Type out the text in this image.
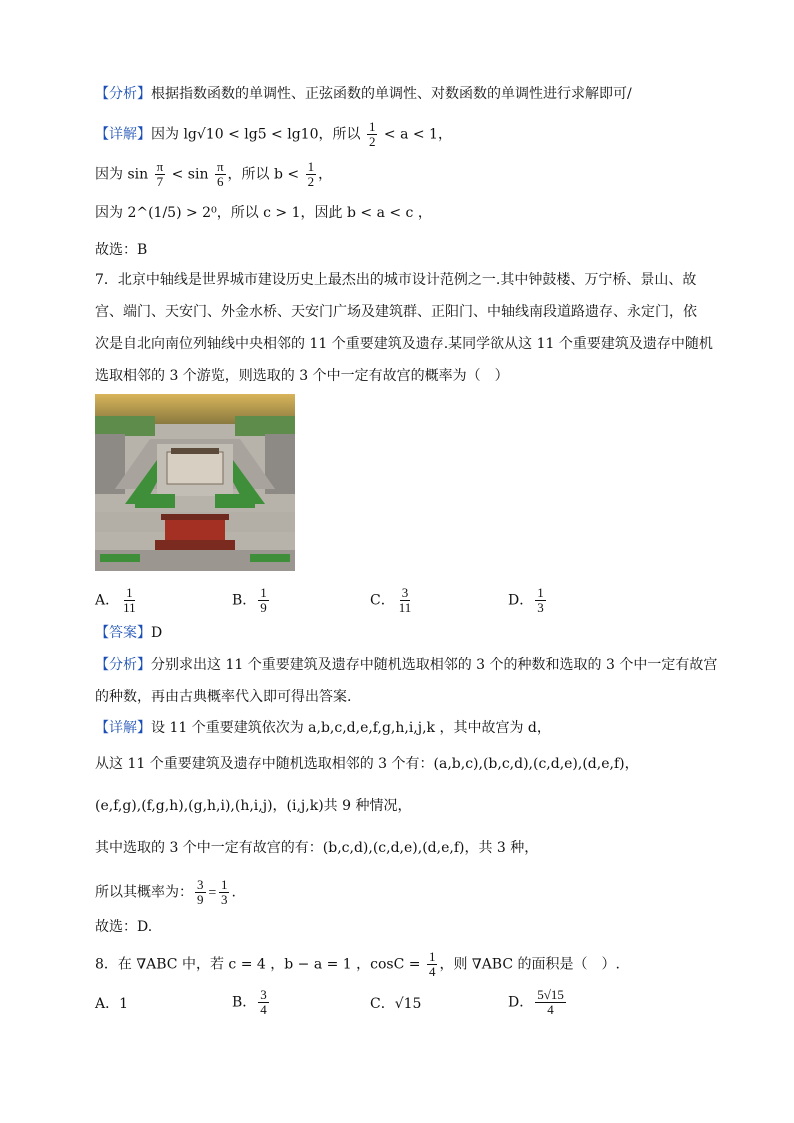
【分析】根据指数函数的单调性、正弦函数的单调性、对数函数的单调性进行求解即可/
【详解】因为 lg√10 < lg5 < lg10，所以 $\frac{1}{2} < a < 1$，
因为 $\sin \frac{\pi}{7} < \sin \frac{\pi}{6}$ ，所以 $b < \frac{1}{2}$ ，
因为 2^(1/5) > 2⁰，所以 c > 1，因此 b < a < c ，
故选：B
7．北京中轴线是世界城市建设历史上最杰出的城市设计范例之一.其中钟鼓楼、万宁桥、景山、故
宫、端门、天安门、外金水桥、天安门广场及建筑群、正阳门、中轴线南段道路遗存、永定门，依
次是自北向南位列轴线中央相邻的 11 个重要建筑及遗存.某同学欲从这 11 个重要建筑及遗存中随机
选取相邻的 3 个游览，则选取的 3 个中一定有故宫的概率为（　）
A． $\frac{1}{11}$	B． $\frac{1}{9}$	C． $\frac{3}{11}$	D． $\frac{1}{3}$
【答案】D
【分析】分别求出这 11 个重要建筑及遗存中随机选取相邻的 3 个的种数和选取的 3 个中一定有故宫
的种数，再由古典概率代入即可得出答案.
【详解】设 11 个重要建筑依次为 a,b,c,d,e,f,g,h,i,j,k ，其中故宫为 d，
从这 11 个重要建筑及遗存中随机选取相邻的 3 个有：(a,b,c),(b,c,d),(c,d,e),(d,e,f)，
(e,f,g),(f,g,h),(g,h,i),(h,i,j)，(i,j,k)共 9 种情况，
其中选取的 3 个中一定有故宫的有：(b,c,d),(c,d,e),(d,e,f)，共 3 种，
所以其概率为： $\frac{3}{9} = \frac{1}{3}$ .
故选：D.
8．在 ∇ABC 中，若 c = 4 ，b − a = 1 ，$\cos C = \frac{1}{4}$ ，则 ∇ABC 的面积是（　）.
A．1	B． $\frac{3}{4}$	C．√15	D． $\frac{5√15}{4}$
